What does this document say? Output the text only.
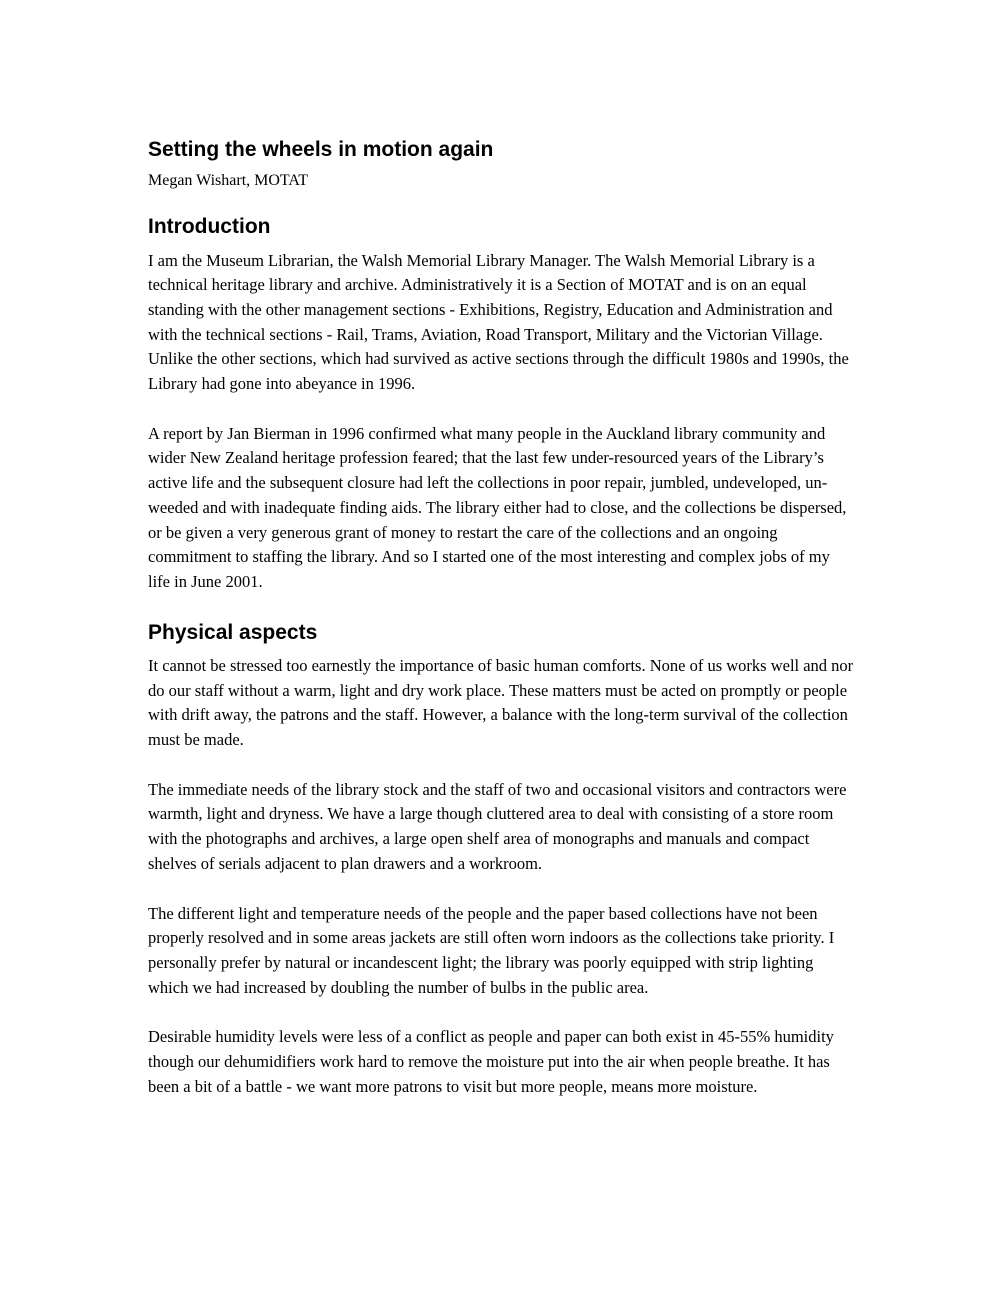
Setting the wheels in motion again

Megan Wishart, MOTAT

Introduction

I am the Museum Librarian, the Walsh Memorial Library Manager. The Walsh Memorial Library is a technical heritage library and archive. Administratively it is a Section of MOTAT and is on an equal standing with the other management sections - Exhibitions, Registry, Education and Administration and with the technical sections - Rail, Trams, Aviation, Road Transport, Military and the Victorian Village. Unlike the other sections, which had survived as active sections through the difficult 1980s and 1990s, the Library had gone into abeyance in 1996.

A report by Jan Bierman in 1996 confirmed what many people in the Auckland library community and wider New Zealand heritage profession feared; that the last few under-resourced years of the Library’s active life and the subsequent closure had left the collections in poor repair, jumbled, undeveloped, un-weeded and with inadequate finding aids. The library either had to close, and the collections be dispersed, or be given a very generous grant of money to restart the care of the collections and an ongoing commitment to staffing the library. And so I started one of the most interesting and complex jobs of my life in June 2001.

Physical aspects

It cannot be stressed too earnestly the importance of basic human comforts. None of us works well and nor do our staff without a warm, light and dry work place. These matters must be acted on promptly or people with drift away, the patrons and the staff. However, a balance with the long-term survival of the collection must be made.

The immediate needs of the library stock and the staff of two and occasional visitors and contractors were warmth, light and dryness. We have a large though cluttered area to deal with consisting of a store room with the photographs and archives, a large open shelf area of monographs and manuals and compact shelves of serials adjacent to plan drawers and a workroom.

The different light and temperature needs of the people and the paper based collections have not been properly resolved and in some areas jackets are still often worn indoors as the collections take priority. I personally prefer by natural or incandescent light; the library was poorly equipped with strip lighting which we had increased by doubling the number of bulbs in the public area.

Desirable humidity levels were less of a conflict as people and paper can both exist in 45-55% humidity though our dehumidifiers work hard to remove the moisture put into the air when people breathe. It has been a bit of a battle - we want more patrons to visit but more people, means more moisture.
